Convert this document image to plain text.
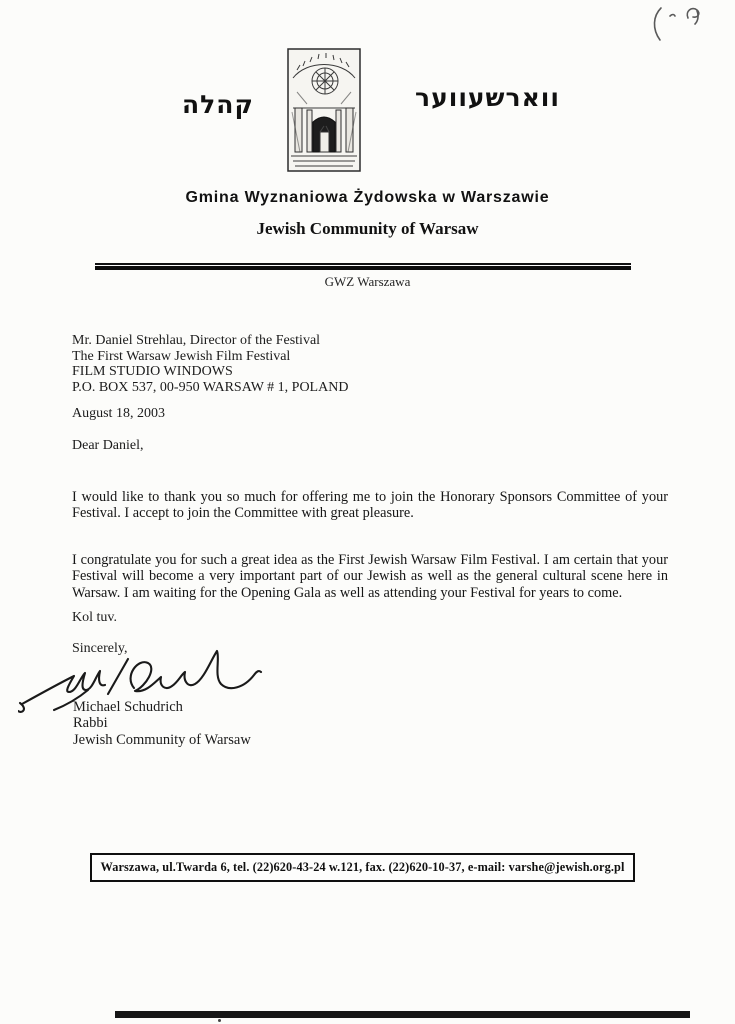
קהלה	ווארשעווער
Gmina Wyznaniowa Żydowska w Warszawie
Jewish Community of Warsaw
GWZ Warszawa
Mr. Daniel Strehlau, Director of the Festival
The First Warsaw Jewish Film Festival
FILM STUDIO WINDOWS
P.O. BOX 537, 00-950 WARSAW # 1, POLAND
August 18, 2003
Dear Daniel,
I would like to thank you so much for offering me to join the Honorary Sponsors Committee of your Festival. I accept to join the Committee with great pleasure.
I congratulate you for such a great idea as the First Jewish Warsaw Film Festival. I am certain that your Festival will become a very important part of our Jewish as well as the general cultural scene here in Warsaw. I am waiting for the Opening Gala as well as attending your Festival for years to come.
Kol tuv.
Sincerely,
Michael Schudrich
Rabbi
Jewish Community of Warsaw
Warszawa, ul.Twarda 6, tel. (22)620-43-24 w.121, fax. (22)620-10-37, e-mail: varshe@jewish.org.pl
